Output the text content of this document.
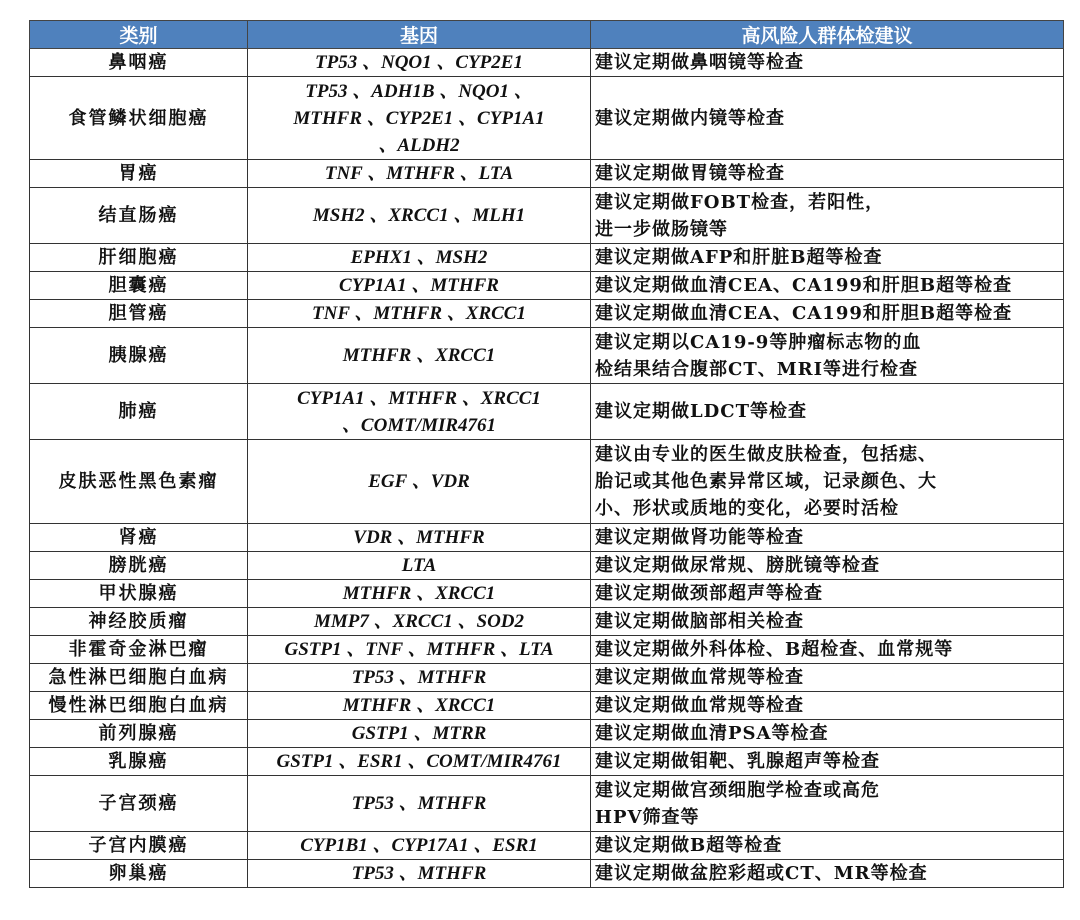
类别	基因	高风险人群体检建议
鼻咽癌	TP53 、NQO1 、CYP2E1	建议定期做鼻咽镜等检查
食管鳞状细胞癌	TP53 、ADH1B 、NQO1 、
MTHFR 、CYP2E1 、CYP1A1
、ALDH2	建议定期做内镜等检查
胃癌	TNF 、MTHFR 、LTA	建议定期做胃镜等检查
结直肠癌	MSH2 、XRCC1 、MLH1	建议定期做FOBT检查，若阳性，
进一步做肠镜等
肝细胞癌	EPHX1 、MSH2	建议定期做AFP和肝脏B超等检查
胆囊癌	CYP1A1 、MTHFR	建议定期做血清CEA、CA199和肝胆B超等检查
胆管癌	TNF 、MTHFR 、XRCC1	建议定期做血清CEA、CA199和肝胆B超等检查
胰腺癌	MTHFR 、XRCC1	建议定期以CA19-9等肿瘤标志物的血
检结果结合腹部CT、MRI等进行检查
肺癌	CYP1A1 、MTHFR 、XRCC1
、COMT/MIR4761	建议定期做LDCT等检查
皮肤恶性黑色素瘤	EGF 、VDR	建议由专业的医生做皮肤检查，包括痣、
胎记或其他色素异常区域，记录颜色、大
小、形状或质地的变化，必要时活检
肾癌	VDR 、MTHFR	建议定期做肾功能等检查
膀胱癌	LTA	建议定期做尿常规、膀胱镜等检查
甲状腺癌	MTHFR 、XRCC1	建议定期做颈部超声等检查
神经胶质瘤	MMP7 、XRCC1 、SOD2	建议定期做脑部相关检查
非霍奇金淋巴瘤	GSTP1 、TNF 、MTHFR 、LTA	建议定期做外科体检、B超检查、血常规等
急性淋巴细胞白血病	TP53 、MTHFR	建议定期做血常规等检查
慢性淋巴细胞白血病	MTHFR 、XRCC1	建议定期做血常规等检查
前列腺癌	GSTP1 、MTRR	建议定期做血清PSA等检查
乳腺癌	GSTP1 、ESR1 、COMT/MIR4761	建议定期做钼靶、乳腺超声等检查
子宫颈癌	TP53 、MTHFR	建议定期做宫颈细胞学检查或高危
HPV筛查等
子宫内膜癌	CYP1B1 、CYP17A1 、ESR1	建议定期做B超等检查
卵巢癌	TP53 、MTHFR	建议定期做盆腔彩超或CT、MR等检查
